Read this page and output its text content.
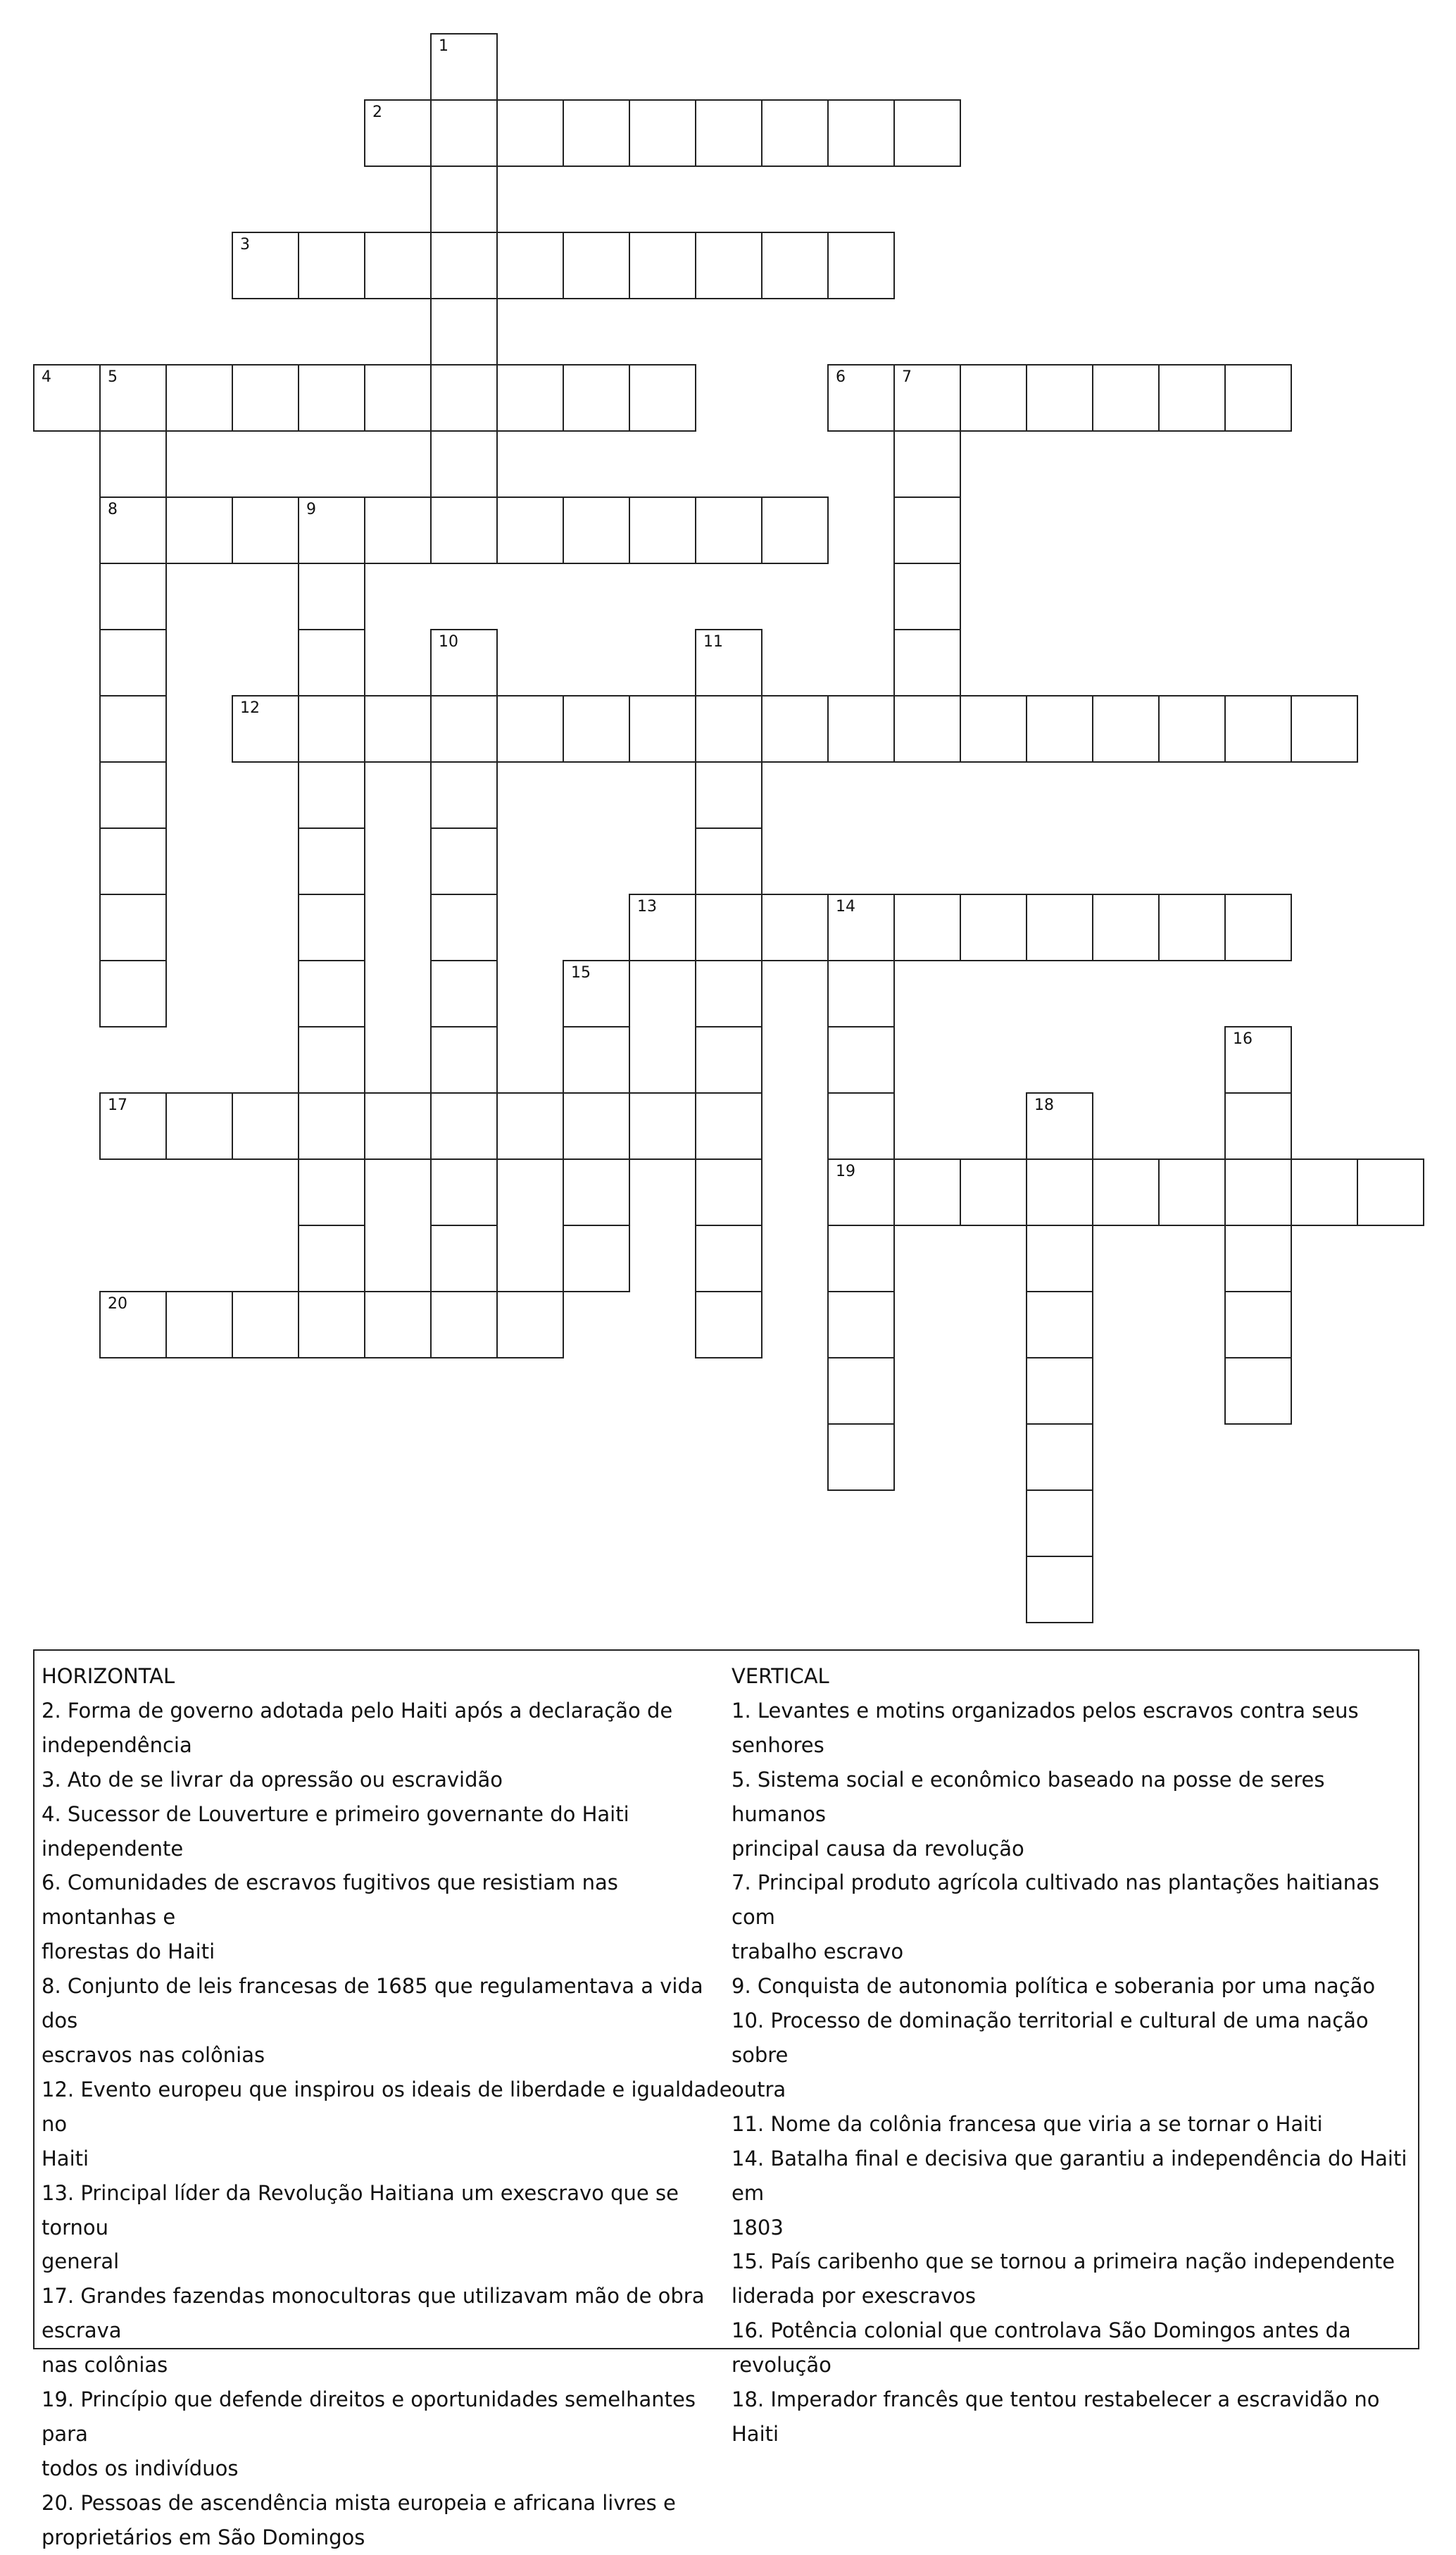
1
2
3
4	5
8
6	7
9
10	11
12
13	14
19
15
16
17	18
20
HORIZONTAL
2. Forma de governo adotada pelo Haiti após a declaração de
independência
3. Ato de se livrar da opressão ou escravidão
4. Sucessor de Louverture e primeiro governante do Haiti independente
6. Comunidades de escravos fugitivos que resistiam nas montanhas e
florestas do Haiti
8. Conjunto de leis francesas de 1685 que regulamentava a vida dos
escravos nas colônias
12. Evento europeu que inspirou os ideais de liberdade e igualdade no
Haiti
13. Principal líder da Revolução Haitiana um exescravo que se tornou
general
17. Grandes fazendas monocultoras que utilizavam mão de obra escrava
nas colônias
19. Princípio que defende direitos e oportunidades semelhantes para
todos os indivíduos
20. Pessoas de ascendência mista europeia e africana livres e
proprietários em São Domingos
VERTICAL
1. Levantes e motins organizados pelos escravos contra seus senhores
5. Sistema social e econômico baseado na posse de seres humanos
principal causa da revolução
7. Principal produto agrícola cultivado nas plantações haitianas com
trabalho escravo
9. Conquista de autonomia política e soberania por uma nação
10. Processo de dominação territorial e cultural de uma nação sobre
outra
11. Nome da colônia francesa que viria a se tornar o Haiti
14. Batalha final e decisiva que garantiu a independência do Haiti em
1803
15. País caribenho que se tornou a primeira nação independente
liderada por exescravos
16. Potência colonial que controlava São Domingos antes da revolução
18. Imperador francês que tentou restabelecer a escravidão no Haiti
